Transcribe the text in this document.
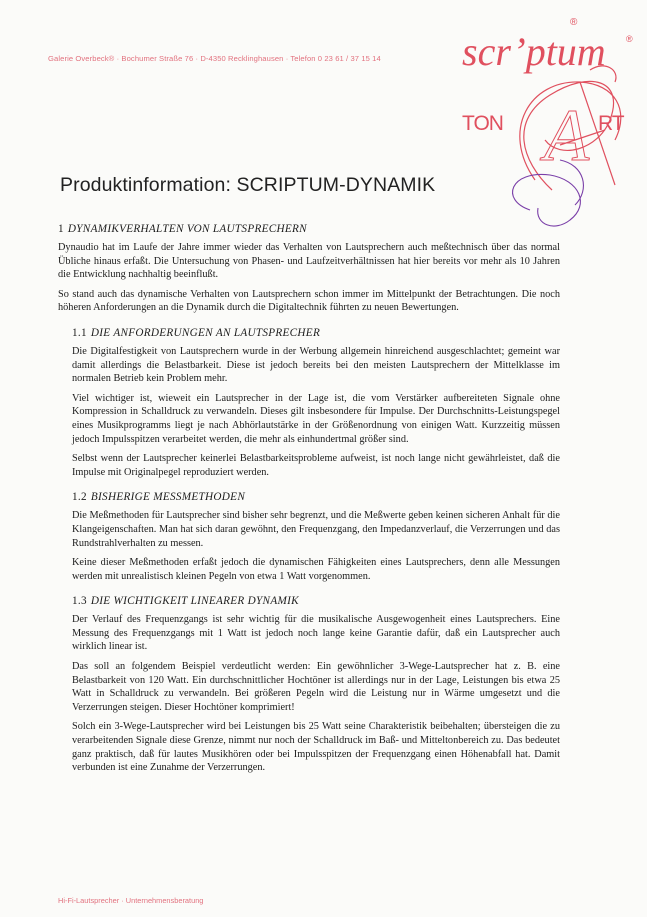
Galerie Overbeck® · Bochumer Straße 76 · D-4350 Recklinghausen · Telefon 0 23 61 / 37 15 14 scr’ptum
®
®
TON A RT
Produktinformation: SCRIPTUM-DYNAMIK
1 DYNAMIKVERHALTEN VON LAUTSPRECHERN

Dynaudio hat im Laufe der Jahre immer wieder das Verhalten von Lautsprechern auch meßtechnisch über das normal Übliche hinaus erfaßt. Die Untersuchung von Phasen- und Laufzeitverhältnissen hat hier bereits vor mehr als 10 Jahren die Entwicklung nachhaltig beeinflußt.

So stand auch das dynamische Verhalten von Lautsprechern schon immer im Mittelpunkt der Betrachtungen. Die noch höheren Anforderungen an die Dynamik durch die Digitaltechnik führten zu neuen Bewertungen.

1.1 DIE ANFORDERUNGEN AN LAUTSPRECHER

Die Digitalfestigkeit von Lautsprechern wurde in der Werbung allgemein hinreichend ausgeschlachtet; gemeint war damit allerdings die Belastbarkeit. Diese ist jedoch bereits bei den meisten Lautsprechern der Mittelklasse im normalen Betrieb kein Problem mehr.

Viel wichtiger ist, wieweit ein Lautsprecher in der Lage ist, die vom Verstärker aufbereiteten Signale ohne Kompression in Schalldruck zu verwandeln. Dieses gilt insbesondere für Impulse. Der Durchschnitts-Leistungspegel eines Musikprogramms liegt je nach Abhörlautstärke in der Größenordnung von einigen Watt. Kurzzeitig müssen jedoch Impulsspitzen verarbeitet werden, die mehr als einhundertmal größer sind.

Selbst wenn der Lautsprecher keinerlei Belastbarkeitsprobleme aufweist, ist noch lange nicht gewährleistet, daß die Impulse mit Originalpegel reproduziert werden.

1.2 BISHERIGE MESSMETHODEN

Die Meßmethoden für Lautsprecher sind bisher sehr begrenzt, und die Meßwerte geben keinen sicheren Anhalt für die Klangeigenschaften. Man hat sich daran gewöhnt, den Frequenzgang, den Impedanzverlauf, die Verzerrungen und das Rundstrahlverhalten zu messen.

Keine dieser Meßmethoden erfaßt jedoch die dynamischen Fähigkeiten eines Lautsprechers, denn alle Messungen werden mit unrealistisch kleinen Pegeln von etwa 1 Watt vorgenommen.

1.3 DIE WICHTIGKEIT LINEARER DYNAMIK

Der Verlauf des Frequenzgangs ist sehr wichtig für die musikalische Ausgewogenheit eines Lautsprechers. Eine Messung des Frequenzgangs mit 1 Watt ist jedoch noch lange keine Garantie dafür, daß ein Lautsprecher auch wirklich linear ist.

Das soll an folgendem Beispiel verdeutlicht werden: Ein gewöhnlicher 3-Wege-Lautsprecher hat z. B. eine Belastbarkeit von 120 Watt. Ein durchschnittlicher Hochtöner ist allerdings nur in der Lage, Leistungen bis etwa 25 Watt in Schalldruck zu verwandeln. Bei größeren Pegeln wird die Leistung nur in Wärme umgesetzt und die Verzerrungen steigen. Dieser Hochtöner komprimiert!

Solch ein 3-Wege-Lautsprecher wird bei Leistungen bis 25 Watt seine Charakteristik beibehalten; übersteigen die zu verarbeitenden Signale diese Grenze, nimmt nur noch der Schalldruck im Baß- und Mitteltonbereich zu. Das bedeutet ganz praktisch, daß für lautes Musikhören oder bei Impulsspitzen der Frequenzgang einen Höhenabfall hat. Damit verbunden ist eine Zunahme der Verzerrungen.

Hi-Fi-Lautsprecher · Unternehmensberatung
